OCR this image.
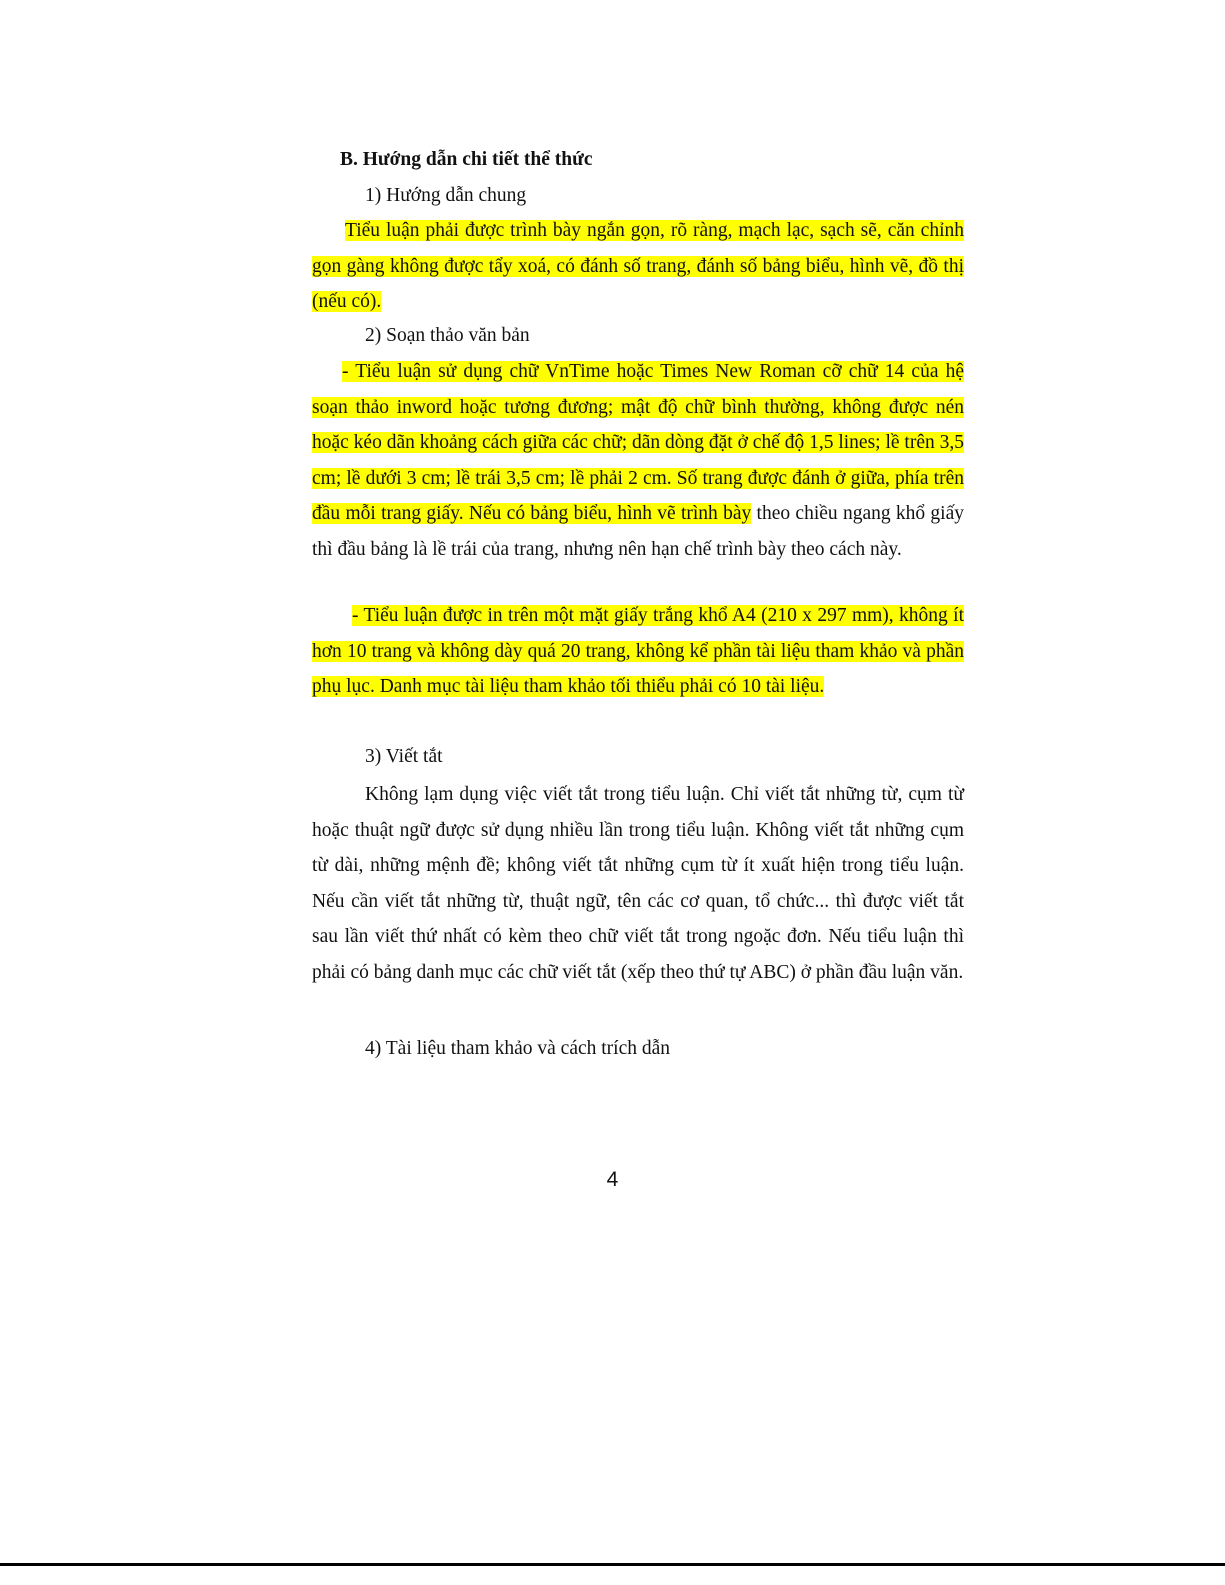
B. Hướng dẫn chi tiết thể thức

1) Hướng dẫn chung

Tiểu luận phải được trình bày ngắn gọn, rõ ràng, mạch lạc, sạch sẽ, căn chỉnh gọn gàng không được tẩy xoá, có đánh số trang, đánh số bảng biểu, hình vẽ, đồ thị (nếu có).

2) Soạn thảo văn bản

- Tiểu luận sử dụng chữ VnTime hoặc Times New Roman cỡ chữ 14 của hệ soạn thảo inword hoặc tương đương; mật độ chữ bình thường, không được nén hoặc kéo dãn khoảng cách giữa các chữ; dãn dòng đặt ở chế độ 1,5 lines; lề trên 3,5 cm; lề dưới 3 cm; lề trái 3,5 cm; lề phải 2 cm. Số trang được đánh ở giữa, phía trên đầu mỗi trang giấy. Nếu có bảng biểu, hình vẽ trình bày theo chiều ngang khổ giấy thì đầu bảng là lề trái của trang, nhưng nên hạn chế trình bày theo cách này.

- Tiểu luận được in trên một mặt giấy trắng khổ A4 (210 x 297 mm), không ít hơn 10 trang và không dày quá 20 trang, không kể phần tài liệu tham khảo và phần phụ lục. Danh mục tài liệu tham khảo tối thiểu phải có 10 tài liệu.

3) Viết tắt

Không lạm dụng việc viết tắt trong tiểu luận. Chỉ viết tắt những từ, cụm từ hoặc thuật ngữ được sử dụng nhiều lần trong tiểu luận. Không viết tắt những cụm từ dài, những mệnh đề; không viết tắt những cụm từ ít xuất hiện trong tiểu luận. Nếu cần viết tắt những từ, thuật ngữ, tên các cơ quan, tổ chức... thì được viết tắt sau lần viết thứ nhất có kèm theo chữ viết tắt trong ngoặc đơn. Nếu tiểu luận thì phải có bảng danh mục các chữ viết tắt (xếp theo thứ tự ABC) ở phần đầu luận văn.

4) Tài liệu tham khảo và cách trích dẫn

4
